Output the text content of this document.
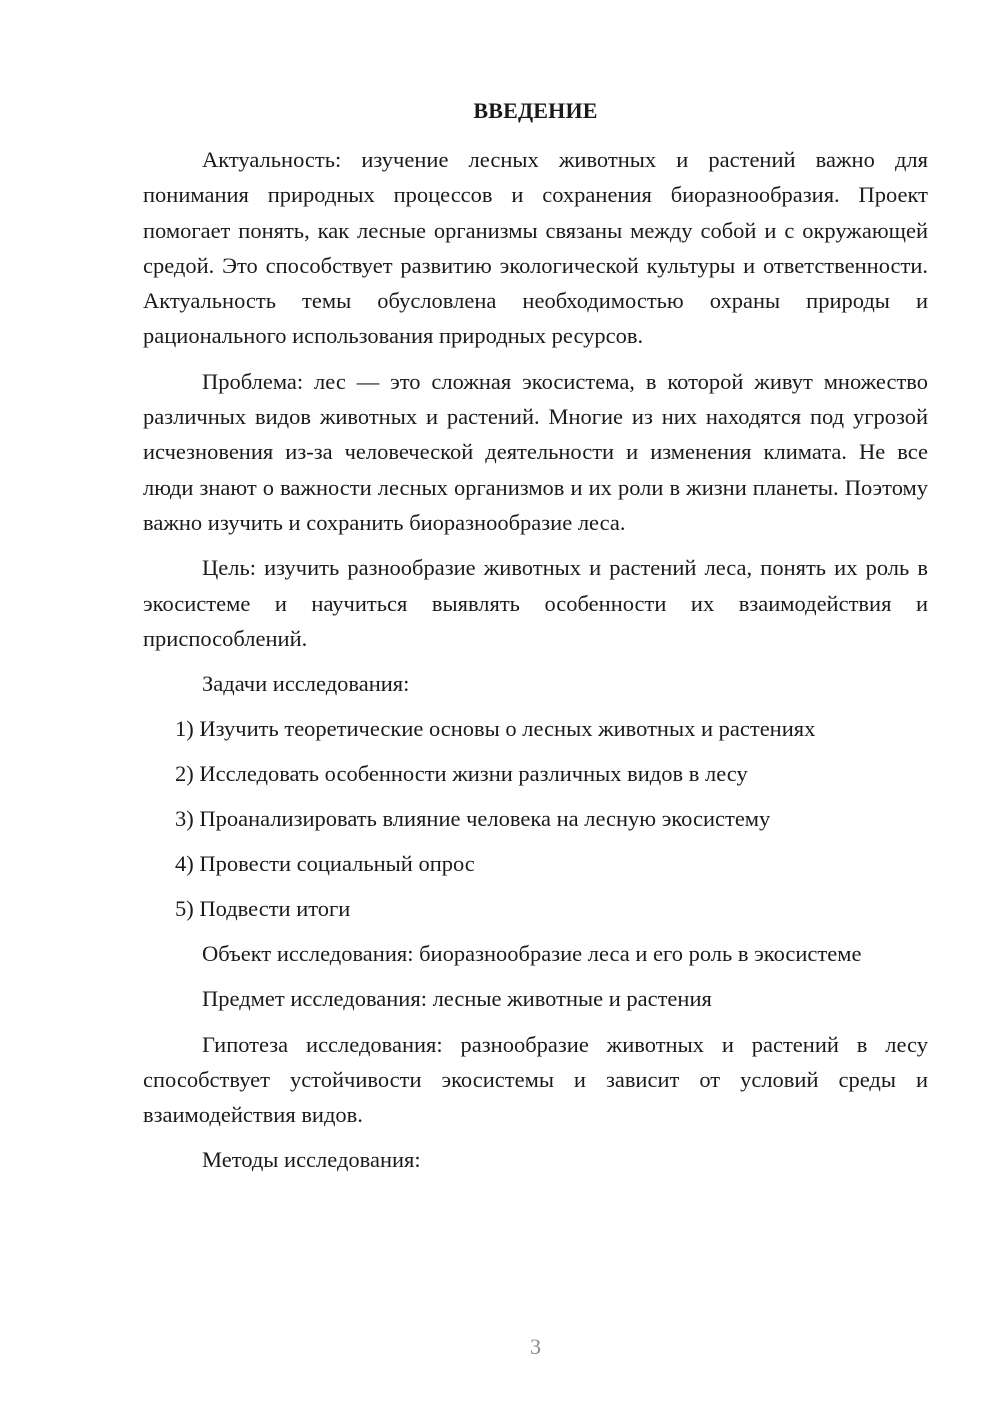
ВВЕДЕНИЕ

Актуальность: изучение лесных животных и растений важно для понимания природных процессов и сохранения биоразнообразия. Проект помогает понять, как лесные организмы связаны между собой и с окружающей средой. Это способствует развитию экологической культуры и ответственности. Актуальность темы обусловлена необходимостью охраны природы и рационального использования природных ресурсов.

Проблема: лес — это сложная экосистема, в которой живут множество различных видов животных и растений. Многие из них находятся под угрозой исчезновения из-за человеческой деятельности и изменения климата. Не все люди знают о важности лесных организмов и их роли в жизни планеты. Поэтому важно изучить и сохранить биоразнообразие леса.

Цель: изучить разнообразие животных и растений леса, понять их роль в экосистеме и научиться выявлять особенности их взаимодействия и приспособлений.

Задачи исследования:

1) Изучить теоретические основы о лесных животных и растениях
2) Исследовать особенности жизни различных видов в лесу
3) Проанализировать влияние человека на лесную экосистему
4) Провести социальный опрос
5) Подвести итоги

Объект исследования: биоразнообразие леса и его роль в экосистеме

Предмет исследования: лесные животные и растения

Гипотеза исследования: разнообразие животных и растений в лесу способствует устойчивости экосистемы и зависит от условий среды и взаимодействия видов.

Методы исследования:

3
